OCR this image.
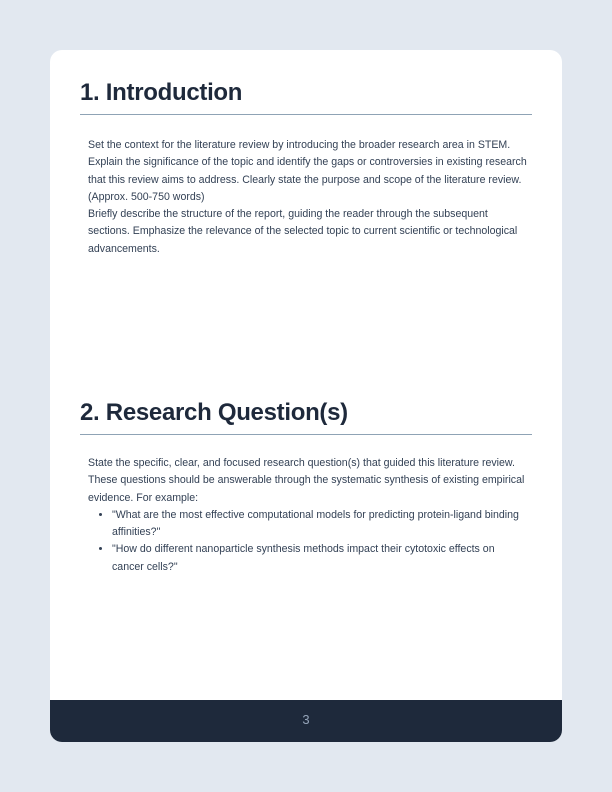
1. Introduction

Set the context for the literature review by introducing the broader research area in STEM. Explain the significance of the topic and identify the gaps or controversies in existing research that this review aims to address. Clearly state the purpose and scope of the literature review. (Approx. 500-750 words)

Briefly describe the structure of the report, guiding the reader through the subsequent sections. Emphasize the relevance of the selected topic to current scientific or technological advancements.

2. Research Question(s)

State the specific, clear, and focused research question(s) that guided this literature review. These questions should be answerable through the systematic synthesis of existing empirical evidence. For example:

• "What are the most effective computational models for predicting protein-ligand binding affinities?"
• "How do different nanoparticle synthesis methods impact their cytotoxic effects on cancer cells?"
3
